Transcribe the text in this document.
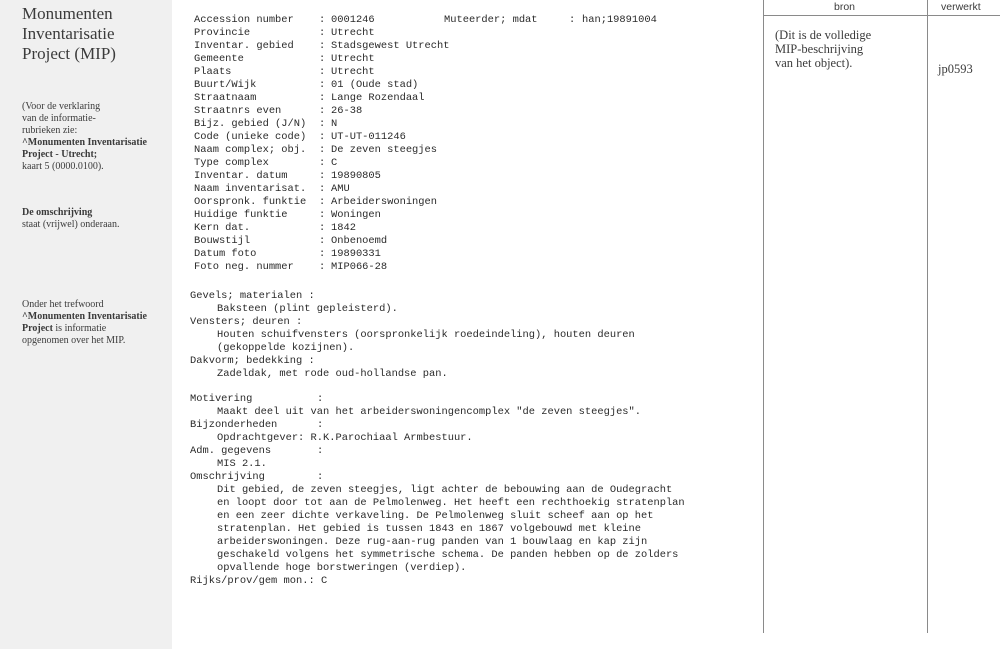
Monumenten
Inventarisatie
Project (MIP)
(Voor de verklaring
van de informatie-
rubrieken zie:
^Monumenten Inventarisatie
Project - Utrecht;
kaart 5 (0000.0100).
De omschrijving
staat (vrijwel) onderaan.
Onder het trefwoord
^Monumenten Inventarisatie
Project is informatie
opgenomen over het MIP.
Accession number : 0001246	Muteerder; mdat	: han;19891004
Provincie	: Utrecht
Inventar. gebied : Stadsgewest Utrecht
Gemeente	: Utrecht
Plaats	: Utrecht
Buurt/Wijk	: 01 (Oude stad)
Straatnaam	: Lange Rozendaal
Straatnrs even	: 26-38
Bijz. gebied (J/N) : N
Code (unieke code) : UT-UT-011246
Naam complex; obj. : De zeven steegjes
Type complex	: C
Inventar. datum	: 19890805
Naam inventarisat. : AMU
Oorspronk. funktie : Arbeiderswoningen
Huidige funktie	: Woningen
Kern dat.	: 1842
Bouwstijl	: Onbenoemd
Datum foto	: 19890331
Foto neg. nummer : MIP066-28
Gevels; materialen :
Baksteen (plint gepleisterd).
Vensters; deuren :
Houten schuifvensters (oorspronkelijk roedeindeling), houten deuren
(gekoppelde kozijnen).
Dakvorm; bedekking :
Zadeldak, met rode oud-hollandse pan.
Motivering	:
Maakt deel uit van het arbeiderswoningencomplex "de zeven steegjes".
Bijzonderheden	:
Opdrachtgever: R.K.Parochiaal Armbestuur.
Adm. gegevens	:
MIS 2.1.
Omschrijving	:
Dit gebied, de zeven steegjes, ligt achter de bebouwing aan de Oudegracht
en loopt door tot aan de Pelmolenweg. Het heeft een rechthoekig stratenplan
en een zeer dichte verkaveling. De Pelmolenweg sluit scheef aan op het
stratenplan. Het gebied is tussen 1843 en 1867 volgebouwd met kleine
arbeiderswoningen. Deze rug-aan-rug panden van 1 bouwlaag en kap zijn
geschakeld volgens het symmetrische schema. De panden hebben op de zolders
opvallende hoge borstweringen (verdiep).
Rijks/prov/gem mon.: C
bron	verwerkt
(Dit is de volledige
MIP-beschrijving
van het object).	jp0593
